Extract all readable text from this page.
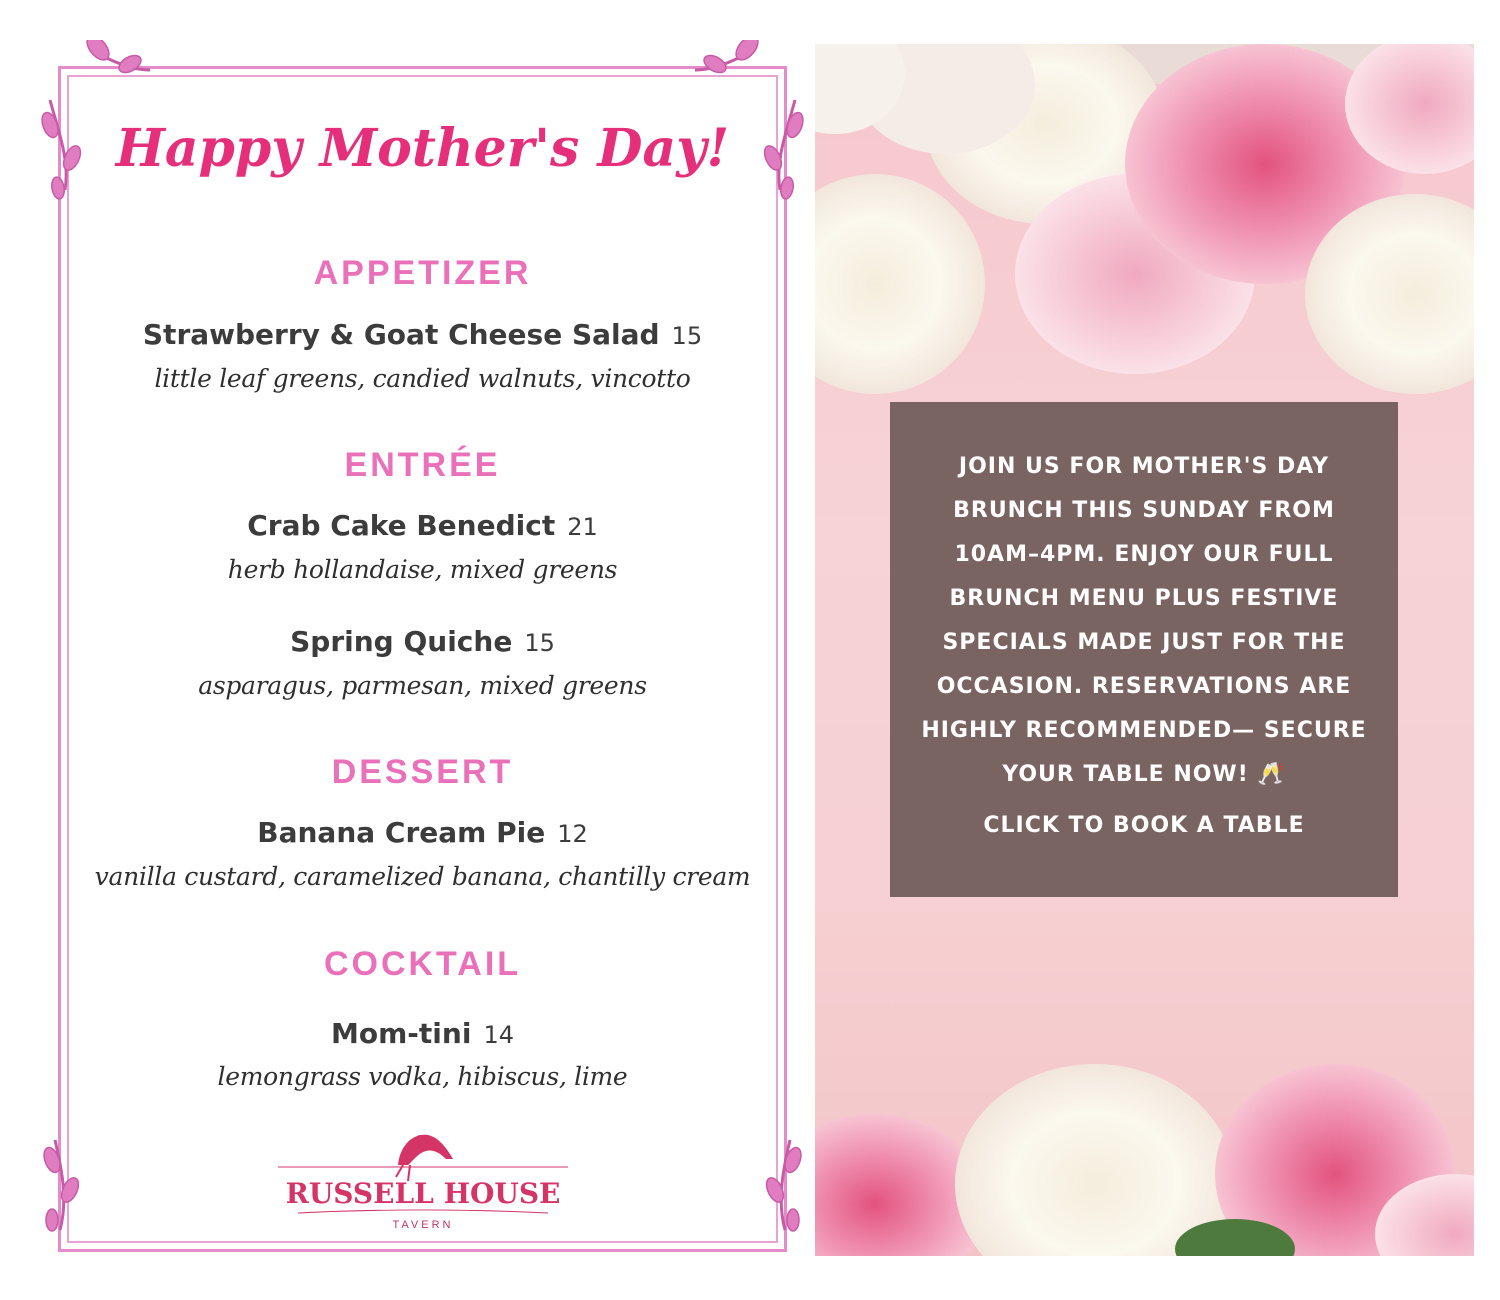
Happy Mother's Day!
APPETIZER
Strawberry & Goat Cheese Salad 15
little leaf greens, candied walnuts, vincotto
ENTRÉE
Crab Cake Benedict 21
herb hollandaise, mixed greens
Spring Quiche 15
asparagus, parmesan, mixed greens
DESSERT
Banana Cream Pie 12
vanilla custard, caramelized banana, chantilly cream
COCKTAIL
Mom-tini 14
lemongrass vodka, hibiscus, lime
RUSSELL HOUSE
TAVERN
JOIN US FOR MOTHER'S DAY BRUNCH THIS SUNDAY FROM 10AM–4PM. ENJOY OUR FULL BRUNCH MENU PLUS FESTIVE SPECIALS MADE JUST FOR THE OCCASION. RESERVATIONS ARE HIGHLY RECOMMENDED— SECURE YOUR TABLE NOW! 🥂
CLICK TO BOOK A TABLE
